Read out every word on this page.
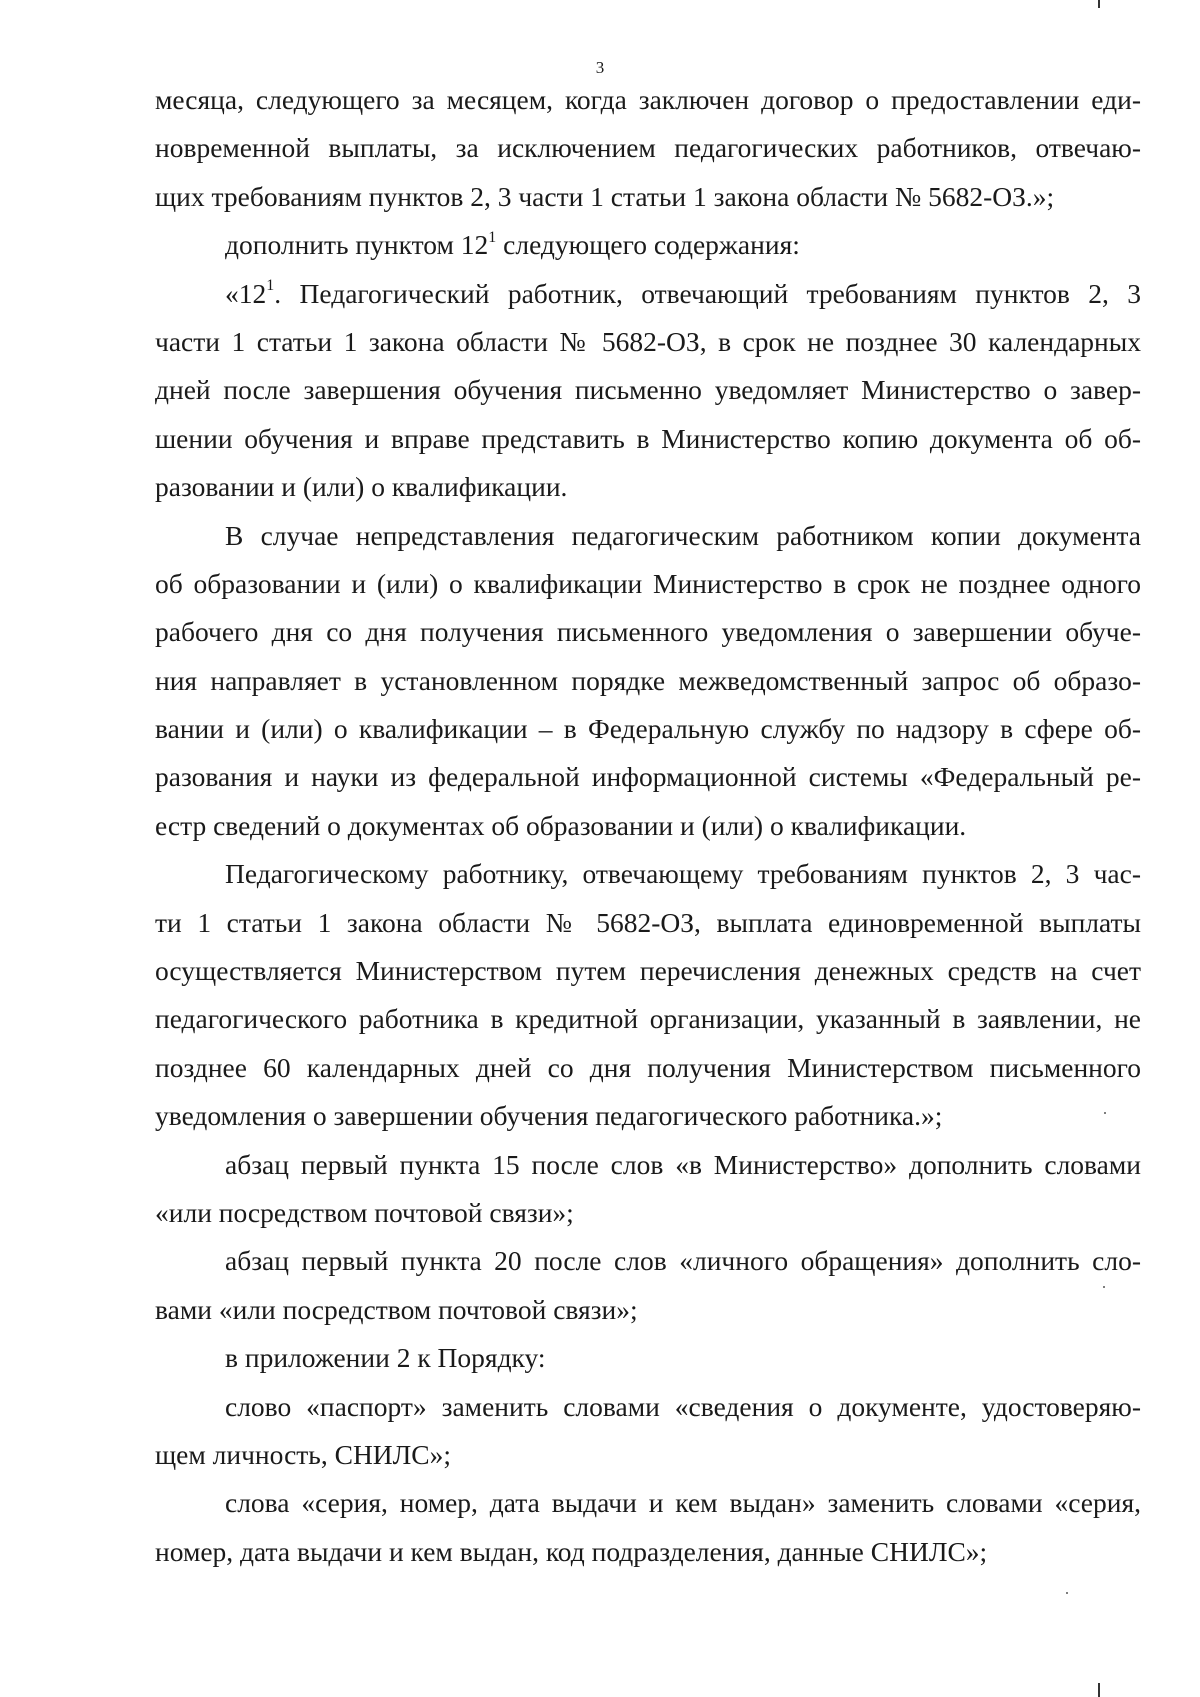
3
месяца, следующего за месяцем, когда заключен договор о предоставлении еди-
новременной выплаты, за исключением педагогических работников, отвечаю-
щих требованиям пунктов 2, 3 части 1 статьи 1 закона области № 5682-ОЗ.»;
дополнить пунктом $12^1$ следующего содержания:
«$12^1$. Педагогический работник, отвечающий требованиям пунктов 2, 3
части 1 статьи 1 закона области № 5682-ОЗ, в срок не позднее 30 календарных
дней после завершения обучения письменно уведомляет Министерство о завер-
шении обучения и вправе представить в Министерство копию документа об об-
разовании и (или) о квалификации.
В случае непредставления педагогическим работником копии документа
об образовании и (или) о квалификации Министерство в срок не позднее одного
рабочего дня со дня получения письменного уведомления о завершении обуче-
ния направляет в установленном порядке межведомственный запрос об образо-
вании и (или) о квалификации – в Федеральную службу по надзору в сфере об-
разования и науки из федеральной информационной системы «Федеральный ре-
естр сведений о документах об образовании и (или) о квалификации.
Педагогическому работнику, отвечающему требованиям пунктов 2, 3 час-
ти 1 статьи 1 закона области № 5682-ОЗ, выплата единовременной выплаты
осуществляется Министерством путем перечисления денежных средств на счет
педагогического работника в кредитной организации, указанный в заявлении, не
позднее 60 календарных дней со дня получения Министерством письменного
уведомления о завершении обучения педагогического работника.»;
абзац первый пункта 15 после слов «в Министерство» дополнить словами
«или посредством почтовой связи»;
абзац первый пункта 20 после слов «личного обращения» дополнить сло-
вами «или посредством почтовой связи»;
в приложении 2 к Порядку:
слово «паспорт» заменить словами «сведения о документе, удостоверяю-
щем личность, СНИЛС»;
слова «серия, номер, дата выдачи и кем выдан» заменить словами «серия,
номер, дата выдачи и кем выдан, код подразделения, данные СНИЛС»;
